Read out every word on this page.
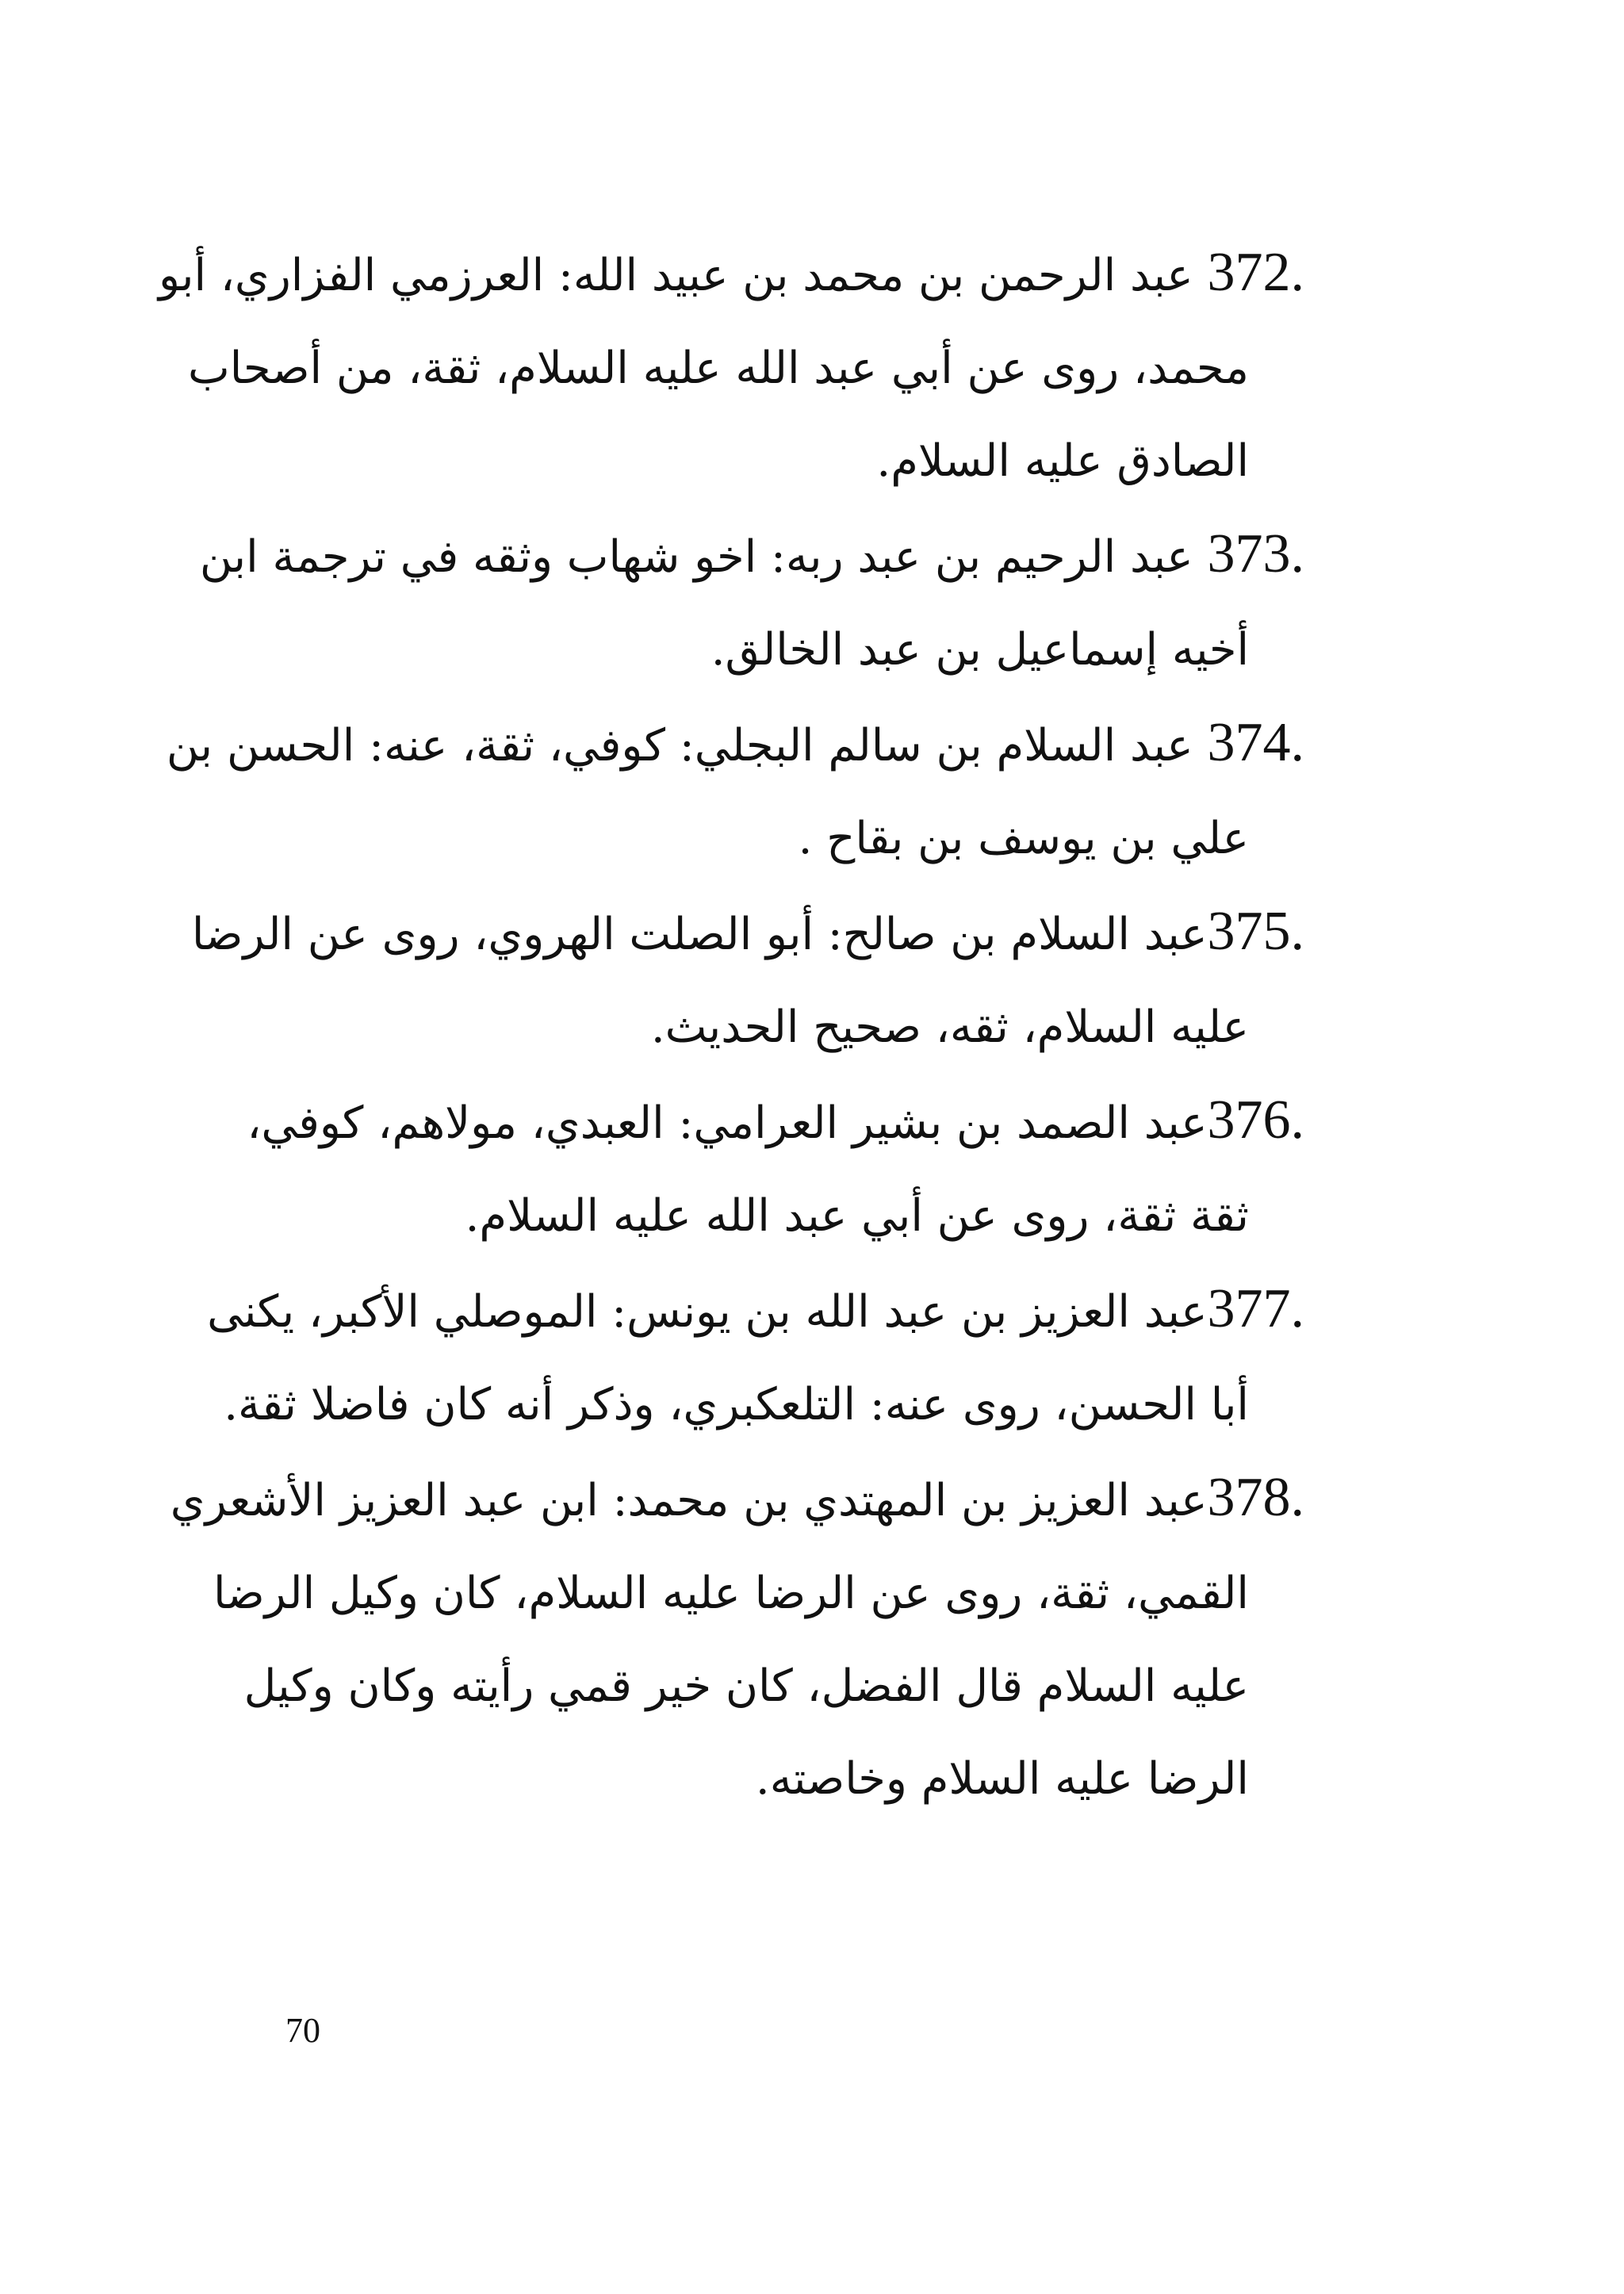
372. عبد الرحمن بن محمد بن عبيد الله: العرزمي الفزاري، أبو
محمد، روى عن أبي عبد الله عليه السلام، ثقة، من أصحاب
الصادق عليه السلام.

373. عبد الرحيم بن عبد ربه: اخو شهاب وثقه في ترجمة ابن
أخيه إسماعيل بن عبد الخالق.

374. عبد السلام بن سالم البجلي: كوفي، ثقة، عنه: الحسن بن
علي بن يوسف بن بقاح .

375.عبد السلام بن صالح: أبو الصلت الهروي، روى عن الرضا
عليه السلام، ثقه، صحيح الحديث.

376.عبد الصمد بن بشير العرامي: العبدي، مولاهم، كوفي،
ثقة ثقة، روى عن أبي عبد الله عليه السلام.

377.عبد العزيز بن عبد الله بن يونس: الموصلي الأكبر، يكنى
أبا الحسن، روى عنه: التلعكبري، وذكر أنه كان فاضلا ثقة.

378.عبد العزيز بن المهتدي بن محمد: ابن عبد العزيز الأشعري
القمي، ثقة، روى عن الرضا عليه السلام، كان وكيل الرضا
عليه السلام قال الفضل، كان خير قمي رأيته وكان وكيل
الرضا عليه السلام وخاصته.

70
